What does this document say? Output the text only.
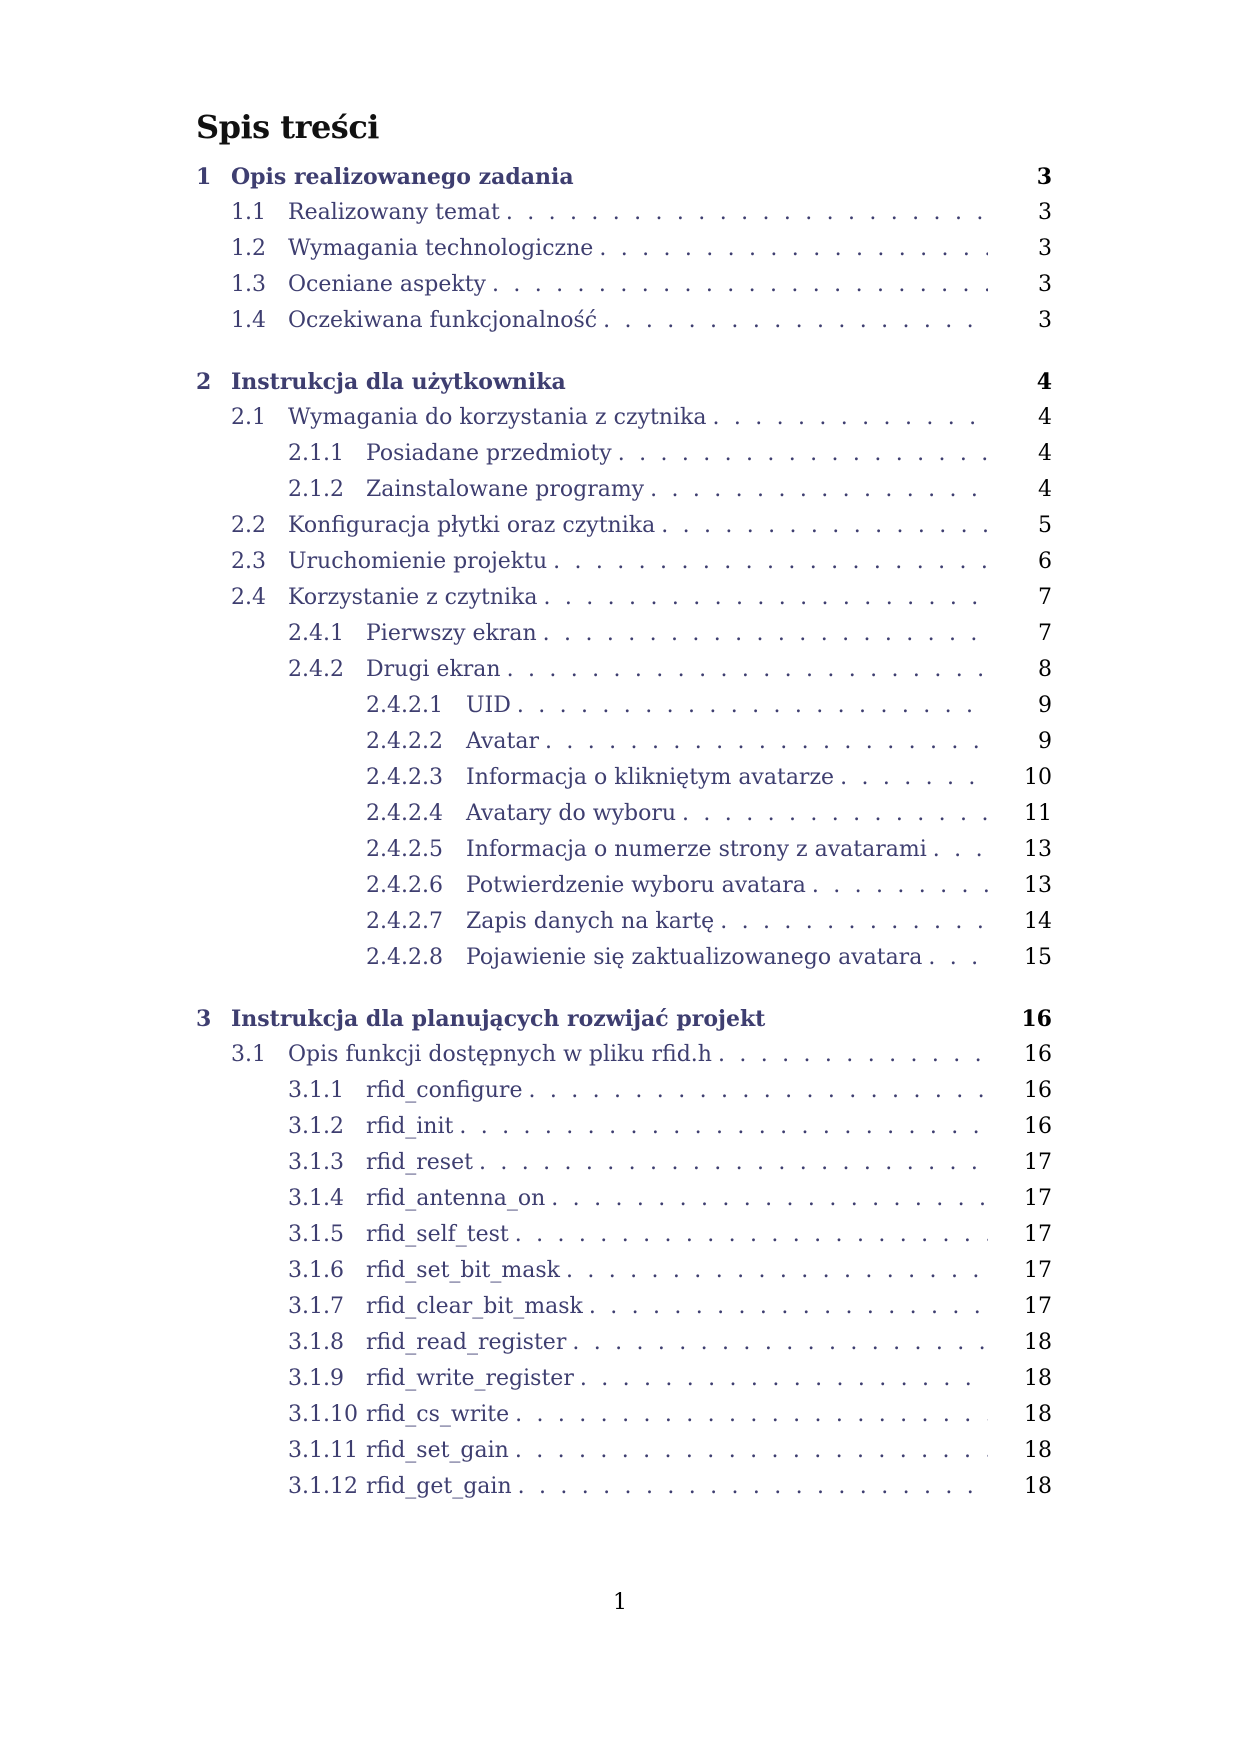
Spis treści
1 Opis realizowanego zadania	3
1.1	Realizowany temat . . .	3
1.2	Wymagania technologiczne . . .	3
1.3	Oceniane aspekty . . .	3
1.4	Oczekiwana funkcjonalność . . .	3
2 Instrukcja dla użytkownika	4
2.1	Wymagania do korzystania z czytnika . . .	4
2.1.1	Posiadane przedmioty . . .	4
2.1.2	Zainstalowane programy . . .	4
2.2	Konfiguracja płytki oraz czytnika . . .	5
2.3	Uruchomienie projektu . . .	6
2.4	Korzystanie z czytnika . . .	7
2.4.1	Pierwszy ekran . . .	7
2.4.2	Drugi ekran . . .	8
2.4.2.1	UID . . .	9
2.4.2.2	Avatar . . .	9
2.4.2.3	Informacja o klikniętym avatarze . . .	10
2.4.2.4	Avatary do wyboru . . .	11
2.4.2.5	Informacja o numerze strony z avatarami . . .	13
2.4.2.6	Potwierdzenie wyboru avatara . . .	13
2.4.2.7	Zapis danych na kartę . . .	14
2.4.2.8	Pojawienie się zaktualizowanego avatara . . .	15
3 Instrukcja dla planujących rozwijać projekt	16
3.1	Opis funkcji dostępnych w pliku rfid.h . . .	16
3.1.1	rfid_configure . . .	16
3.1.2	rfid_init . . .	16
3.1.3	rfid_reset . . .	17
3.1.4	rfid_antenna_on . . .	17
3.1.5	rfid_self_test . . .	17
3.1.6	rfid_set_bit_mask . . .	17
3.1.7	rfid_clear_bit_mask . . .	17
3.1.8	rfid_read_register . . .	18
3.1.9	rfid_write_register . . .	18
3.1.10 rfid_cs_write . . .	18
3.1.11 rfid_set_gain . . .	18
3.1.12 rfid_get_gain . . .	18
1
